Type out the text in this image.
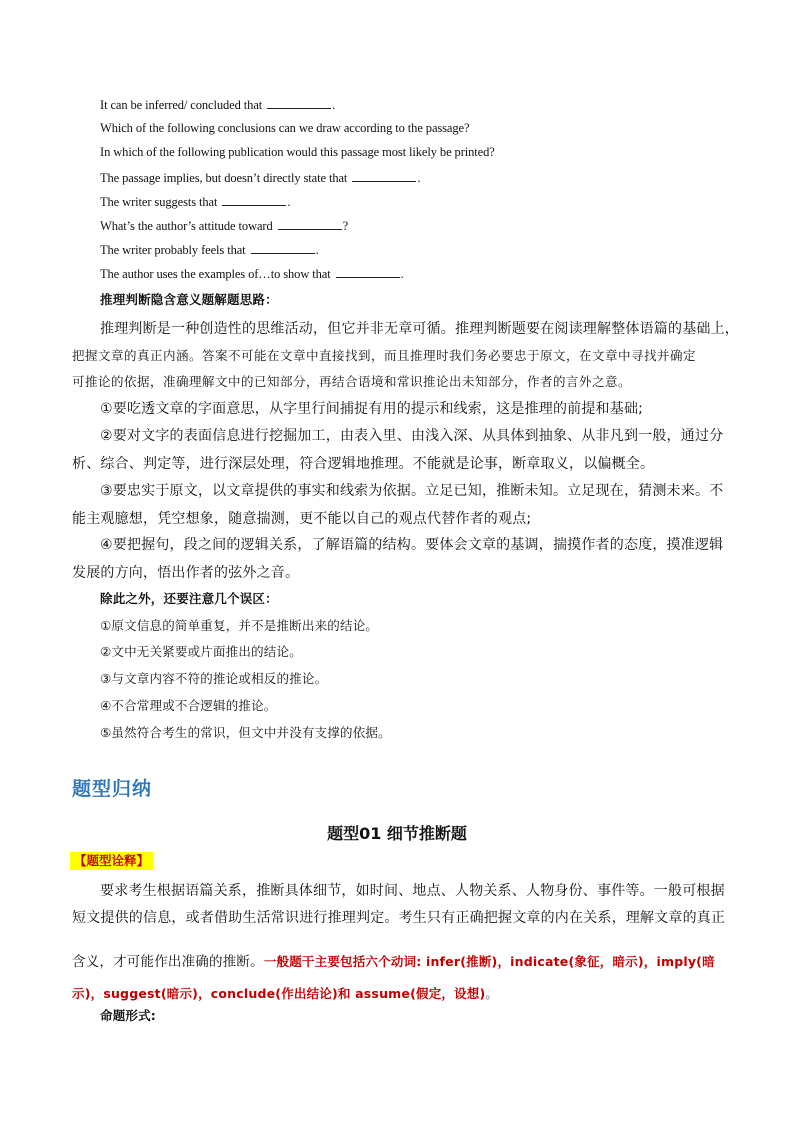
It can be inferred/ concluded that	.
Which of the following conclusions can we draw according to the passage?
In which of the following publication would this passage most likely be printed?
The passage implies, but doesn’t directly state that	.
The writer suggests that	.
What’s the author’s attitude toward	?
The writer probably feels that	.
The author uses the examples of…to show that	.
推理判断隐含意义题解题思路：
推理判断是一种创造性的思维活动，但它并非无章可循。推理判断题要在阅读理解整体语篇的基础上，
把握文章的真正内涵。答案不可能在文章中直接找到，而且推理时我们务必要忠于原文，在文章中寻找并确定
可推论的依据，准确理解文中的已知部分，再结合语境和常识推论出未知部分，作者的言外之意。
①要吃透文章的字面意思，从字里行间捕捉有用的提示和线索，这是推理的前提和基础;
②要对文字的表面信息进行挖掘加工，由表入里、由浅入深、从具体到抽象、从非凡到一般，通过分
析、综合、判定等，进行深层处理，符合逻辑地推理。不能就是论事，断章取义，以偏概全。
③要忠实于原文，以文章提供的事实和线索为依据。立足已知，推断未知。立足现在，猜测未来。不
能主观臆想，凭空想象，随意揣测，更不能以自己的观点代替作者的观点;
④要把握句，段之间的逻辑关系，了解语篇的结构。要体会文章的基调，揣摸作者的态度，摸准逻辑
发展的方向，悟出作者的弦外之音。
除此之外，还要注意几个误区：
①原文信息的简单重复，并不是推断出来的结论。
②文中无关紧要或片面推出的结论。
③与文章内容不符的推论或相反的推论。
④不合常理或不合逻辑的推论。
⑤虽然符合考生的常识，但文中并没有支撑的依据。
题型归纳
题型01 细节推断题
【题型诠释】
要求考生根据语篇关系，推断具体细节，如时间、地点、人物关系、人物身份、事件等。一般可根据
短文提供的信息，或者借助生活常识进行推理判定。考生只有正确把握文章的内在关系，理解文章的真正
含义，才可能作出准确的推断。一般题干主要包括六个动词: infer(推断)，indicate(象征，暗示)，imply(暗
示)，suggest(暗示)，conclude(作出结论)和 assume(假定，设想)。
命题形式:
